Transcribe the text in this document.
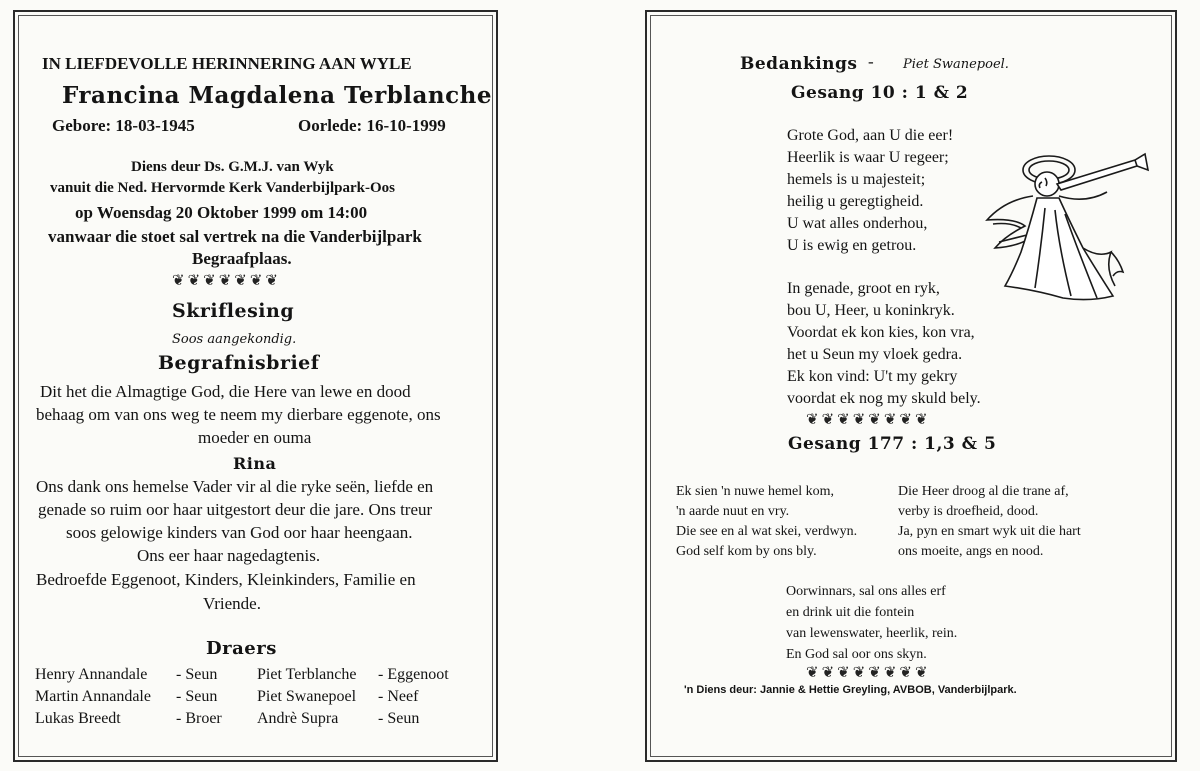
IN LIEFDEVOLLE HERINNERING AAN WYLE
Francina Magdalena Terblanche
Gebore: 18-03-1945	Oorlede: 16-10-1999
Diens deur Ds. G.M.J. van Wyk
vanuit die Ned. Hervormde Kerk Vanderbijlpark-Oos
op Woensdag 20 Oktober 1999 om 14:00
vanwaar die stoet sal vertrek na die Vanderbijlpark
Begraafplaas.
❦❦❦❦❦❦❦
Skriflesing
Soos aangekondig.
Begrafnisbrief
Dit het die Almagtige God, die Here van lewe en dood
behaag om van ons weg te neem my dierbare eggenote, ons
moeder en ouma
Rina
Ons dank ons hemelse Vader vir al die ryke seën, liefde en
genade so ruim oor haar uitgestort deur die jare. Ons treur
soos gelowige kinders van God oor haar heengaan.
Ons eer haar nagedagtenis.
Bedroefde Eggenoot, Kinders, Kleinkinders, Familie en
Vriende.
Draers
Henry Annandale - Seun
Martin Annandale - Seun
Lukas Breedt	- Broer
Piet Terblanche - Eggenoot
Piet Swanepoel - Neef
Andrè Supra - Seun
Bedankings - Piet Swanepoel.
Gesang 10 : 1 & 2
Grote God, aan U die eer!
Heerlik is waar U regeer;
hemels is u majesteit;
heilig u geregtigheid.
U wat alles onderhou,
U is ewig en getrou.
In genade, groot en ryk,
bou U, Heer, u koninkryk.
Voordat ek kon kies, kon vra,
het u Seun my vloek gedra.
Ek kon vind: U't my gekry
voordat ek nog my skuld bely.
❦❦❦❦❦❦❦❦
Gesang 177 : 1,3 & 5
Ek sien 'n nuwe hemel kom,
'n aarde nuut en vry.
Die see en al wat skei, verdwyn.
God self kom by ons bly.
Die Heer droog al die trane af,
verby is droefheid, dood.
Ja, pyn en smart wyk uit die hart
ons moeite, angs en nood.
Oorwinnars, sal ons alles erf
en drink uit die fontein
van lewenswater, heerlik, rein.
En God sal oor ons skyn.
❦❦❦❦❦❦❦❦
'n Diens deur: Jannie & Hettie Greyling, AVBOB, Vanderbijlpark.
